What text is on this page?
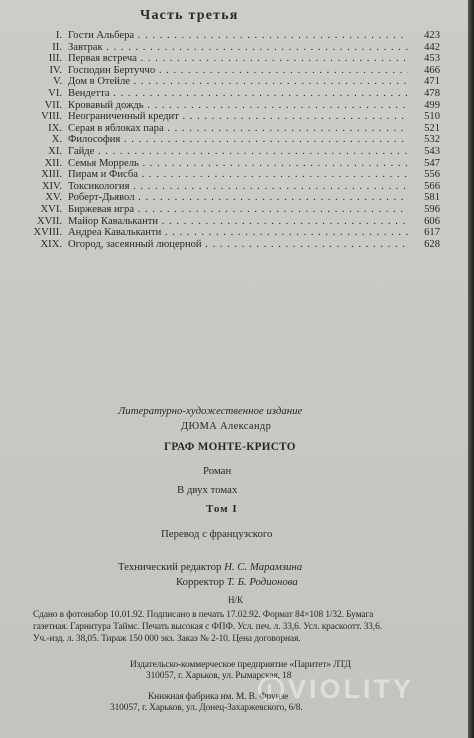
Часть третья
I. Гости Альбера . . .	423
II. Завтрак . . .	442
III. Первая встреча . . .	453
IV. Господин Бертуччо . . .	466
V. Дом в Отейле . . .	471
VI. Вендетта . . .	478
VII. Кровавый дождь . . .	499
VIII. Неограниченный кредит . . .	510
IX. Серая в яблоках пара . . .	521
X. Философия . . .	532
XI. Гайде . . .	543
XII. Семья Моррель . . .	547
XIII. Пирам и Фисба . . .	556
XIV. Токсикология . . .	566
XV. Роберт-Дьявол . . .	581
XVI. Биржевая игра . . .	596
XVII. Майор Кавальканти . . .	606
XVIII. Андреа Кавальканти . . .	617
XIX. Огород, засеянный люцерной . . .	628
Литературно-художественное издание
ДЮМА Александр
ГРАФ МОНТЕ-КРИСТО
Роман
В двух томах
Том I
Перевод с французского
Технический редактор Н. С. Марамзина
Корректор Т. Б. Родионова
Н/К
Сдано в фотонабор 10.01.92. Подписано в печать 17.02.92. Формат 84×108 1/32. Бумага
газетная. Гарнитура Таймс. Печать высокая с ФПФ. Усл. печ. л. 33,6. Усл. краскоотт. 33,6.
Уч.-изд. л. 38,05. Тираж 150 000 экз. Заказ № 2-10. Цена договорная.
Издательско-коммерческое предприятие «Паритет» ЛТД
310057, г. Харьков, ул. Рымарская, 18
Книжная фабрика им. М. В. Фрунзе
310057, г. Харьков, ул. Донец-Захаржевского, 6/8.
VIOLITY
